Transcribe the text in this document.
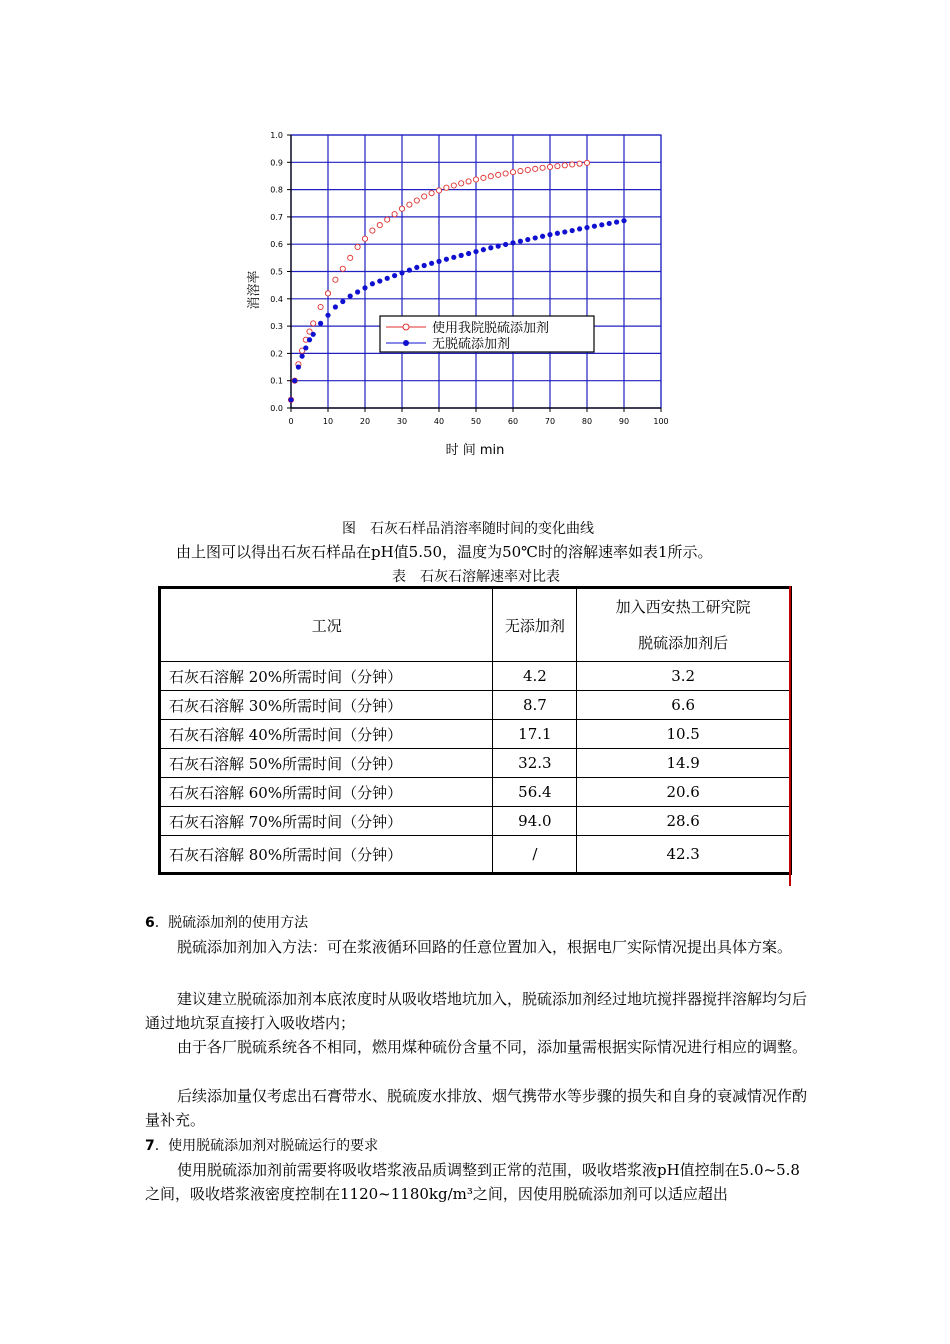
0.0
0.1
0.2
0.3
0.4
0.5
0.6
0.7
0.8
0.9
1.0
0	10	20	30	40	50	60	70	80	90	100
使用我院脱硫添加剂
无脱硫添加剂
消溶率
时 间 min
图　石灰石样品消溶率随时间的变化曲线
由上图可以得出石灰石样品在pH值5.50，温度为50℃时的溶解速率如表1所示。
表　石灰石溶解速率对比表
工况	无添加剂	加入西安热工研究院
脱硫添加剂后

石灰石溶解 20%所需时间（分钟）	4.2	3.2
石灰石溶解 30%所需时间（分钟）	8.7	6.6
石灰石溶解 40%所需时间（分钟）	17.1	10.5
石灰石溶解 50%所需时间（分钟）	32.3	14.9
石灰石溶解 60%所需时间（分钟）	56.4	20.6
石灰石溶解 70%所需时间（分钟）	94.0	28.6
石灰石溶解 80%所需时间（分钟）	/	42.3
6.  脱硫添加剂的使用方法
脱硫添加剂加入方法：可在浆液循环回路的任意位置加入，根据电厂实际情况提出具体方案。
建议建立脱硫添加剂本底浓度时从吸收塔地坑加入，脱硫添加剂经过地坑搅拌器搅拌溶解均匀后通过地坑泵直接打入吸收塔内；
由于各厂脱硫系统各不相同，燃用煤种硫份含量不同，添加量需根据实际情况进行相应的调整。
后续添加量仅考虑出石膏带水、脱硫废水排放、烟气携带水等步骤的损失和自身的衰减情况作酌量补充。
7.  使用脱硫添加剂对脱硫运行的要求
使用脱硫添加剂前需要将吸收塔浆液品质调整到正常的范围，吸收塔浆液pH值控制在5.0~5.8之间，吸收塔浆液密度控制在1120~1180kg/m³之间，因使用脱硫添加剂可以适应超出
